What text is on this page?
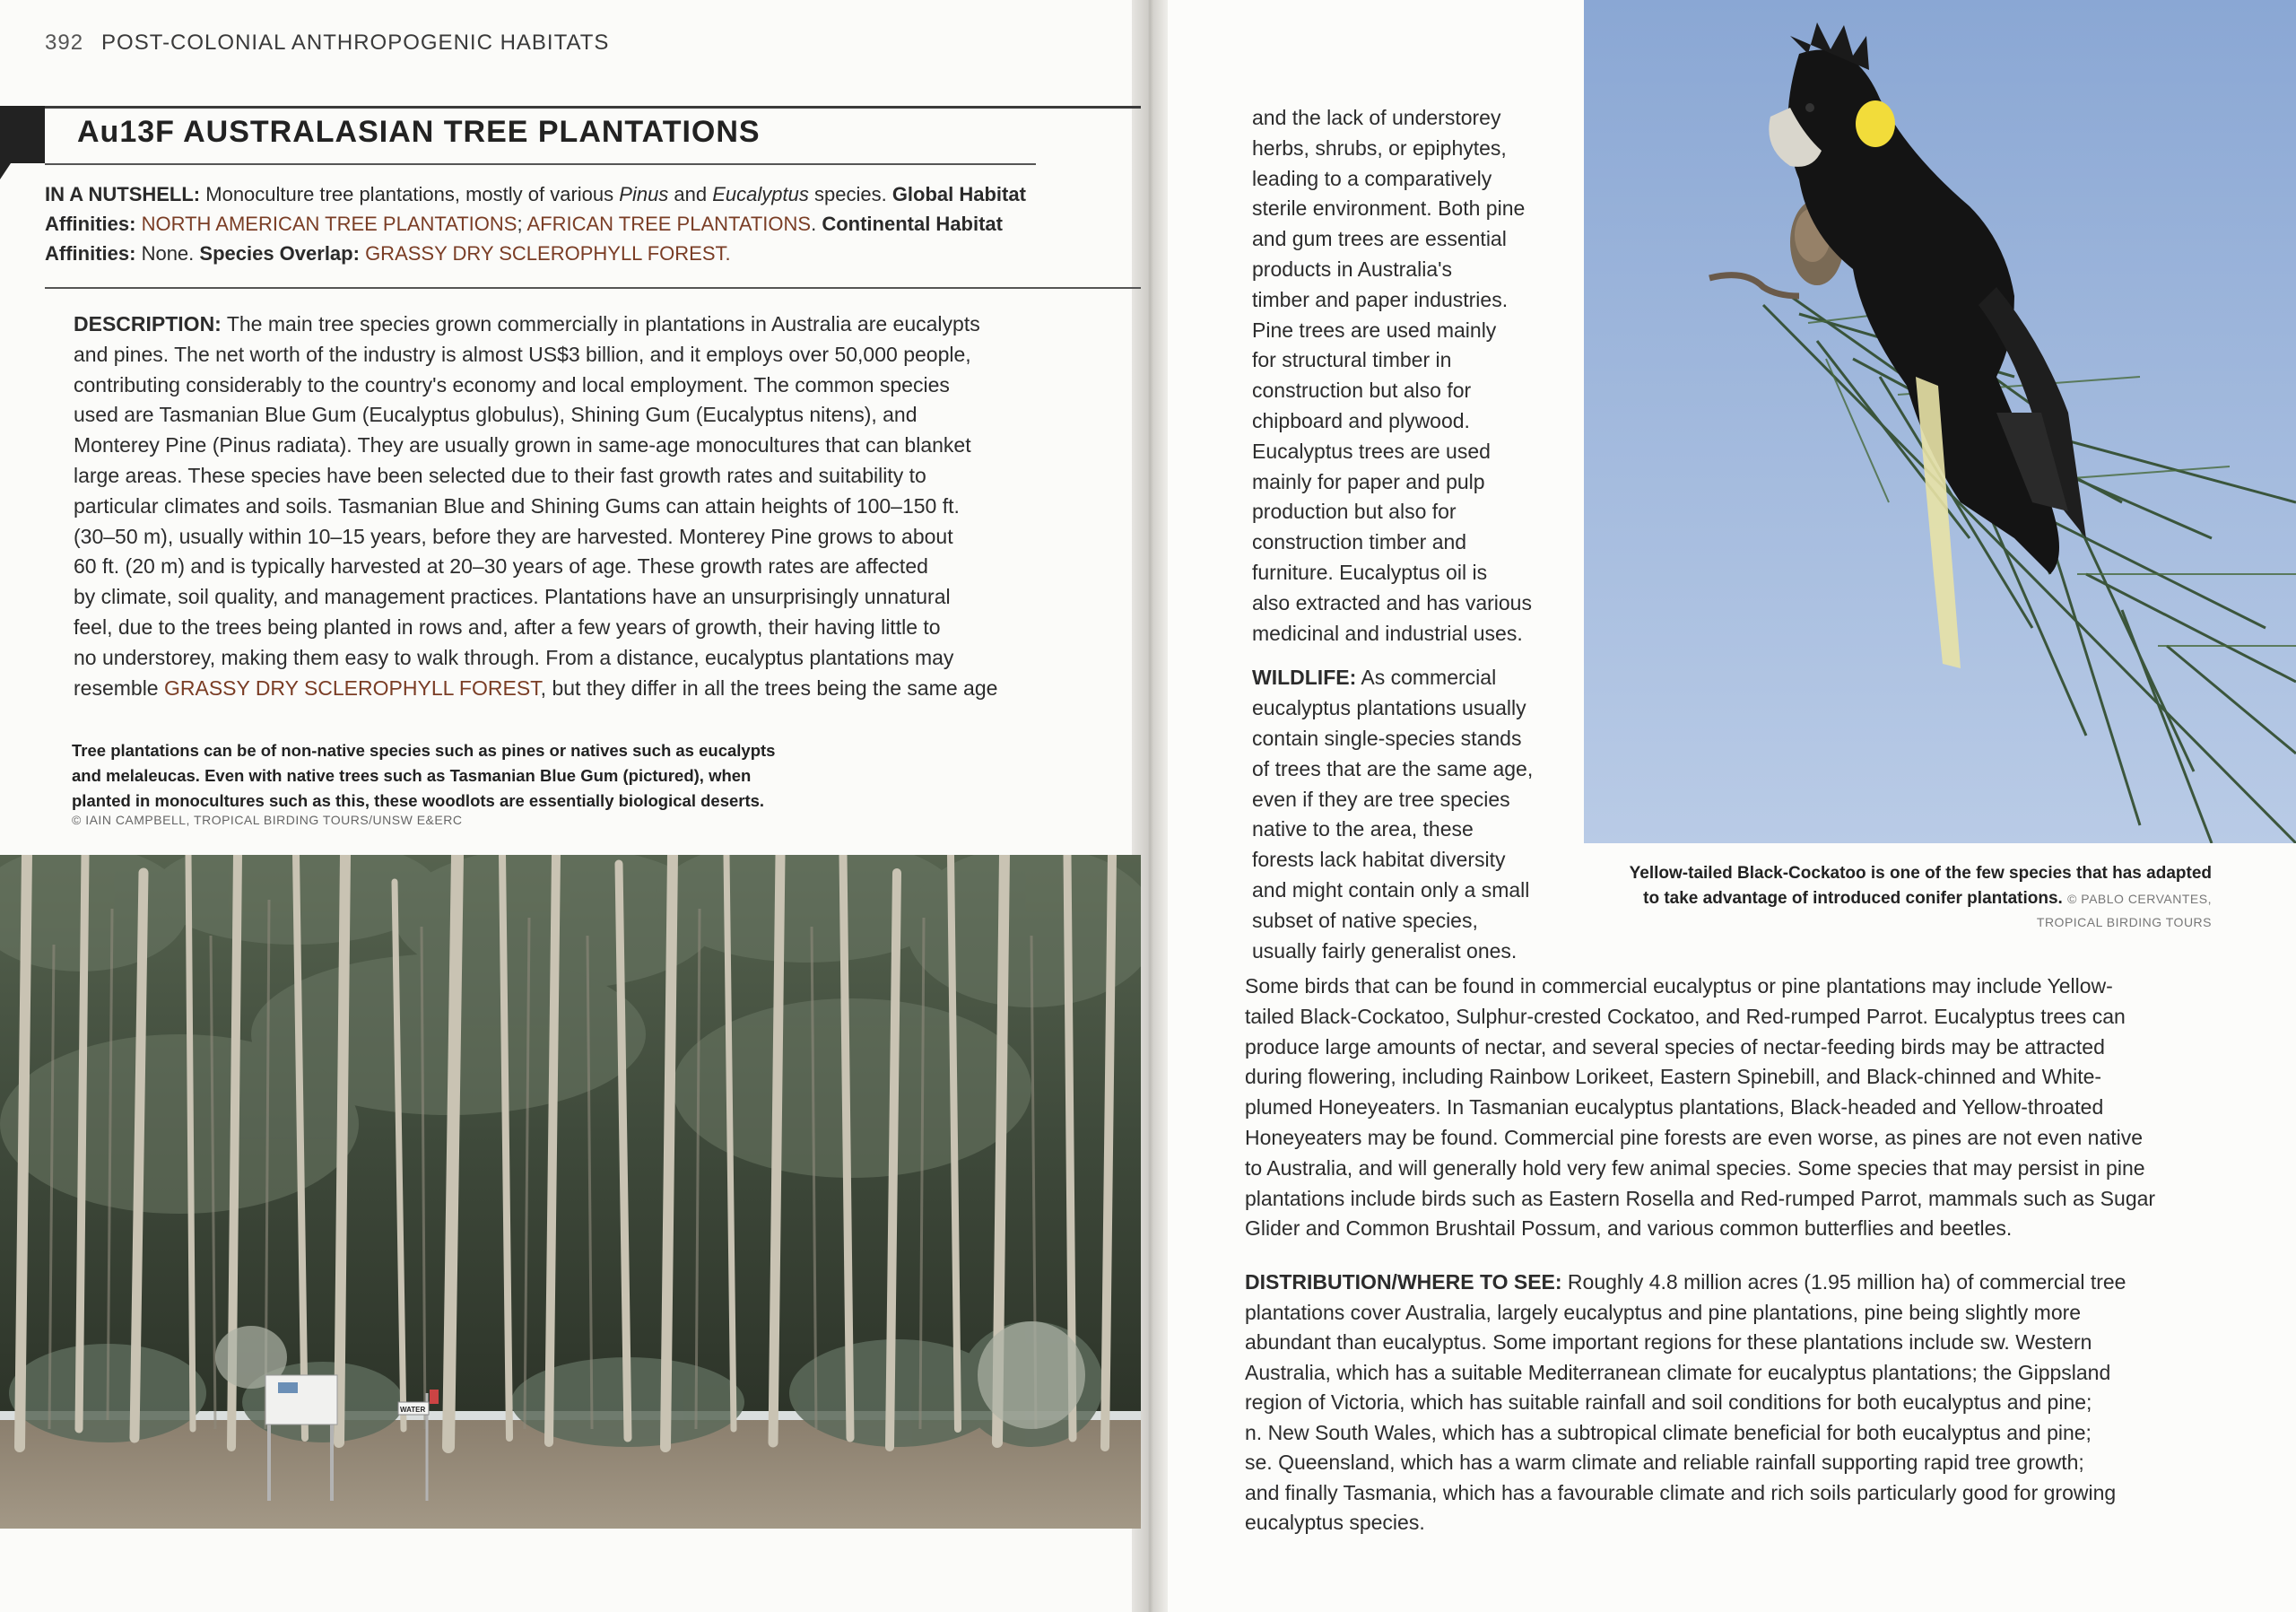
392 POST-COLONIAL ANTHROPOGENIC HABITATS
Au13F AUSTRALASIAN TREE PLANTATIONS
IN A NUTSHELL: Monoculture tree plantations, mostly of various Pinus and Eucalyptus species. Global Habitat Affinities: NORTH AMERICAN TREE PLANTATIONS; AFRICAN TREE PLANTATIONS. Continental Habitat Affinities: None. Species Overlap: GRASSY DRY SCLEROPHYLL FOREST.
DESCRIPTION: The main tree species grown commercially in plantations in Australia are eucalypts
and pines. The net worth of the industry is almost US$3 billion, and it employs over 50,000 people,
contributing considerably to the country's economy and local employment. The common species
used are Tasmanian Blue Gum (Eucalyptus globulus), Shining Gum (Eucalyptus nitens), and
Monterey Pine (Pinus radiata). They are usually grown in same-age monocultures that can blanket
large areas. These species have been selected due to their fast growth rates and suitability to
particular climates and soils. Tasmanian Blue and Shining Gums can attain heights of 100–150 ft.
(30–50 m), usually within 10–15 years, before they are harvested. Monterey Pine grows to about
60 ft. (20 m) and is typically harvested at 20–30 years of age. These growth rates are affected
by climate, soil quality, and management practices. Plantations have an unsurprisingly unnatural
feel, due to the trees being planted in rows and, after a few years of growth, their having little to
no understorey, making them easy to walk through. From a distance, eucalyptus plantations may
resemble GRASSY DRY SCLEROPHYLL FOREST, but they differ in all the trees being the same age
Tree plantations can be of non-native species such as pines or natives such as eucalypts
and melaleucas. Even with native trees such as Tasmanian Blue Gum (pictured), when
planted in monocultures such as this, these woodlots are essentially biological deserts.
© IAIN CAMPBELL, TROPICAL BIRDING TOURS/UNSW E&ERC
WATER
and the lack of understorey
herbs, shrubs, or epiphytes,
leading to a comparatively
sterile environment. Both pine
and gum trees are essential
products in Australia's
timber and paper industries.
Pine trees are used mainly
for structural timber in
construction but also for
chipboard and plywood.
Eucalyptus trees are used
mainly for paper and pulp
production but also for
construction timber and
furniture. Eucalyptus oil is
also extracted and has various
medicinal and industrial uses.
WILDLIFE: As commercial
eucalyptus plantations usually
contain single-species stands
of trees that are the same age,
even if they are tree species
native to the area, these
forests lack habitat diversity
and might contain only a small
subset of native species,
usually fairly generalist ones.
Yellow-tailed Black-Cockatoo is one of the few species that has adapted
to take advantage of introduced conifer plantations. © PABLO CERVANTES,
TROPICAL BIRDING TOURS
Some birds that can be found in commercial eucalyptus or pine plantations may include Yellow-
tailed Black-Cockatoo, Sulphur-crested Cockatoo, and Red-rumped Parrot. Eucalyptus trees can
produce large amounts of nectar, and several species of nectar-feeding birds may be attracted
during flowering, including Rainbow Lorikeet, Eastern Spinebill, and Black-chinned and White-
plumed Honeyeaters. In Tasmanian eucalyptus plantations, Black-headed and Yellow-throated
Honeyeaters may be found. Commercial pine forests are even worse, as pines are not even native
to Australia, and will generally hold very few animal species. Some species that may persist in pine
plantations include birds such as Eastern Rosella and Red-rumped Parrot, mammals such as Sugar
Glider and Common Brushtail Possum, and various common butterflies and beetles.
DISTRIBUTION/WHERE TO SEE: Roughly 4.8 million acres (1.95 million ha) of commercial tree
plantations cover Australia, largely eucalyptus and pine plantations, pine being slightly more
abundant than eucalyptus. Some important regions for these plantations include sw. Western
Australia, which has a suitable Mediterranean climate for eucalyptus plantations; the Gippsland
region of Victoria, which has suitable rainfall and soil conditions for both eucalyptus and pine;
n. New South Wales, which has a subtropical climate beneficial for both eucalyptus and pine;
se. Queensland, which has a warm climate and reliable rainfall supporting rapid tree growth;
and finally Tasmania, which has a favourable climate and rich soils particularly good for growing
eucalyptus species.
